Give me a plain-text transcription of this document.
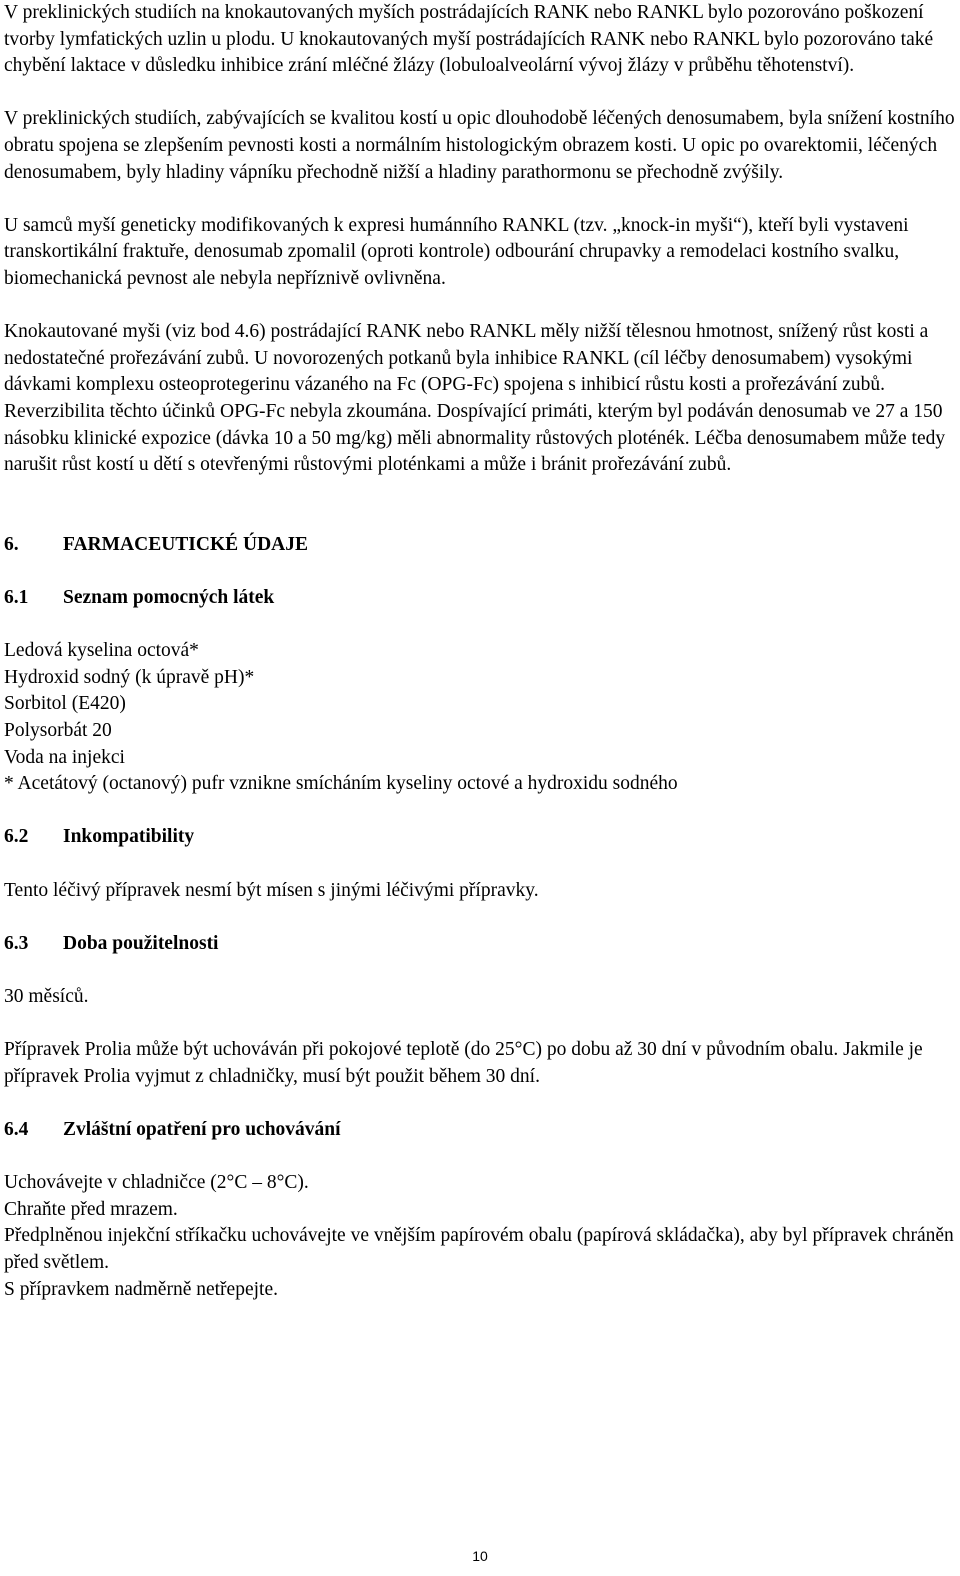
V preklinických studiích na knokautovaných myších postrádajících RANK nebo RANKL bylo pozorováno poškození tvorby lymfatických uzlin u plodu. U knokautovaných myší postrádajících RANK nebo RANKL bylo pozorováno také chybění laktace v důsledku inhibice zrání mléčné žlázy (lobuloalveolární vývoj žlázy v průběhu těhotenství).

V preklinických studiích, zabývajících se kvalitou kostí u opic dlouhodobě léčených denosumabem, byla snížení kostního obratu spojena se zlepšením pevnosti kosti a normálním histologickým obrazem kosti. U opic po ovarektomii, léčených denosumabem, byly hladiny vápníku přechodně nižší a hladiny parathormonu se přechodně zvýšily.

U samců myší geneticky modifikovaných k expresi humánního RANKL (tzv. „knock-in myši“), kteří byli vystaveni transkortikální fraktuře, denosumab zpomalil (oproti kontrole) odbourání chrupavky a remodelaci kostního svalku, biomechanická pevnost ale nebyla nepříznivě ovlivněna.

Knokautované myši (viz bod 4.6) postrádající RANK nebo RANKL měly nižší tělesnou hmotnost, snížený růst kosti a nedostatečné prořezávání zubů. U novorozených potkanů byla inhibice RANKL (cíl léčby denosumabem) vysokými dávkami komplexu osteoprotegerinu vázaného na Fc (OPG-Fc) spojena s inhibicí růstu kosti a prořezávání zubů. Reverzibilita těchto účinků OPG-Fc nebyla zkoumána. Dospívající primáti, kterým byl podáván denosumab ve 27 a 150 násobku klinické expozice (dávka 10 a 50 mg/kg) měli abnormality růstových ploténék. Léčba denosumabem může tedy narušit růst kostí u dětí s otevřenými růstovými ploténkami a může i bránit prořezávání zubů.

6.	FARMACEUTICKÉ ÚDAJE
6.1	Seznam pomocných látek
Ledová kyselina octová*
Hydroxid sodný (k úpravě pH)*
Sorbitol (E420)
Polysorbát 20
Voda na injekci
* Acetátový (octanový) pufr vznikne smícháním kyseliny octové a hydroxidu sodného
6.2	Inkompatibility

Tento léčivý přípravek nesmí být mísen s jinými léčivými přípravky.

6.3	Doba použitelnosti

30 měsíců.

Přípravek Prolia může být uchováván při pokojové teplotě (do 25°C) po dobu až 30 dní v původním obalu. Jakmile je přípravek Prolia vyjmut z chladničky, musí být použit během 30 dní.

6.4	Zvláštní opatření pro uchovávání

Uchovávejte v chladničce (2°C – 8°C).

Chraňte před mrazem.

Předplněnou injekční stříkačku uchovávejte ve vnějším papírovém obalu (papírová skládačka), aby byl přípravek chráněn před světlem.

S přípravkem nadměrně netřepejte.

10
